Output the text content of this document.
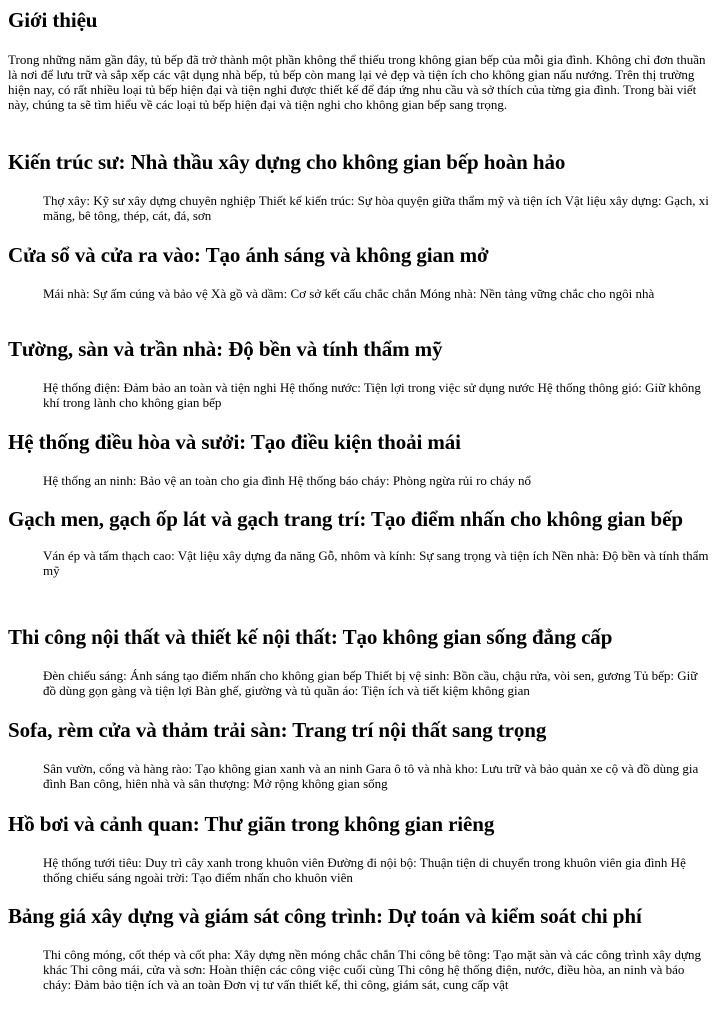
Giới thiệu

Trong những năm gần đây, tủ bếp đã trở thành một phần không thể thiếu trong không gian bếp của mỗi gia đình. Không chỉ đơn thuần là nơi để lưu trữ và sắp xếp các vật dụng nhà bếp, tủ bếp còn mang lại vẻ đẹp và tiện ích cho không gian nấu nướng. Trên thị trường hiện nay, có rất nhiều loại tủ bếp hiện đại và tiện nghi được thiết kế để đáp ứng nhu cầu và sở thích của từng gia đình. Trong bài viết này, chúng ta sẽ tìm hiểu về các loại tủ bếp hiện đại và tiện nghi cho không gian bếp sang trọng.

Kiến trúc sư: Nhà thầu xây dựng cho không gian bếp hoàn hảo

Thợ xây: Kỹ sư xây dựng chuyên nghiệp Thiết kế kiến trúc: Sự hòa quyện giữa thẩm mỹ và tiện ích Vật liệu xây dựng: Gạch, xi măng, bê tông, thép, cát, đá, sơn

Cửa sổ và cửa ra vào: Tạo ánh sáng và không gian mở

Mái nhà: Sự ấm cúng và bảo vệ Xà gồ và dầm: Cơ sở kết cấu chắc chắn Móng nhà: Nền tảng vững chắc cho ngôi nhà

Tường, sàn và trần nhà: Độ bền và tính thẩm mỹ

Hệ thống điện: Đảm bảo an toàn và tiện nghi Hệ thống nước: Tiện lợi trong việc sử dụng nước Hệ thống thông gió: Giữ không khí trong lành cho không gian bếp

Hệ thống điều hòa và sưởi: Tạo điều kiện thoải mái

Hệ thống an ninh: Bảo vệ an toàn cho gia đình Hệ thống báo cháy: Phòng ngừa rủi ro cháy nổ

Gạch men, gạch ốp lát và gạch trang trí: Tạo điểm nhấn cho không gian bếp

Ván ép và tấm thạch cao: Vật liệu xây dựng đa năng Gỗ, nhôm và kính: Sự sang trọng và tiện ích Nền nhà: Độ bền và tính thẩm mỹ

Thi công nội thất và thiết kế nội thất: Tạo không gian sống đẳng cấp

Đèn chiếu sáng: Ánh sáng tạo điểm nhấn cho không gian bếp Thiết bị vệ sinh: Bồn cầu, chậu rửa, vòi sen, gương Tủ bếp: Giữ đồ dùng gọn gàng và tiện lợi Bàn ghế, giường và tủ quần áo: Tiện ích và tiết kiệm không gian

Sofa, rèm cửa và thảm trải sàn: Trang trí nội thất sang trọng

Sân vườn, cổng và hàng rào: Tạo không gian xanh và an ninh Gara ô tô và nhà kho: Lưu trữ và bảo quản xe cộ và đồ dùng gia đình Ban công, hiên nhà và sân thượng: Mở rộng không gian sống

Hồ bơi và cảnh quan: Thư giãn trong không gian riêng

Hệ thống tưới tiêu: Duy trì cây xanh trong khuôn viên Đường đi nội bộ: Thuận tiện di chuyển trong khuôn viên gia đình Hệ thống chiếu sáng ngoài trời: Tạo điểm nhấn cho khuôn viên

Bảng giá xây dựng và giám sát công trình: Dự toán và kiểm soát chi phí

Thi công móng, cốt thép và cốt pha: Xây dựng nền móng chắc chắn Thi công bê tông: Tạo mặt sàn và các công trình xây dựng khác Thi công mái, cửa và sơn: Hoàn thiện các công việc cuối cùng Thi công hệ thống điện, nước, điều hòa, an ninh và báo cháy: Đảm bảo tiện ích và an toàn Đơn vị tư vấn thiết kế, thi công, giám sát, cung cấp vật
